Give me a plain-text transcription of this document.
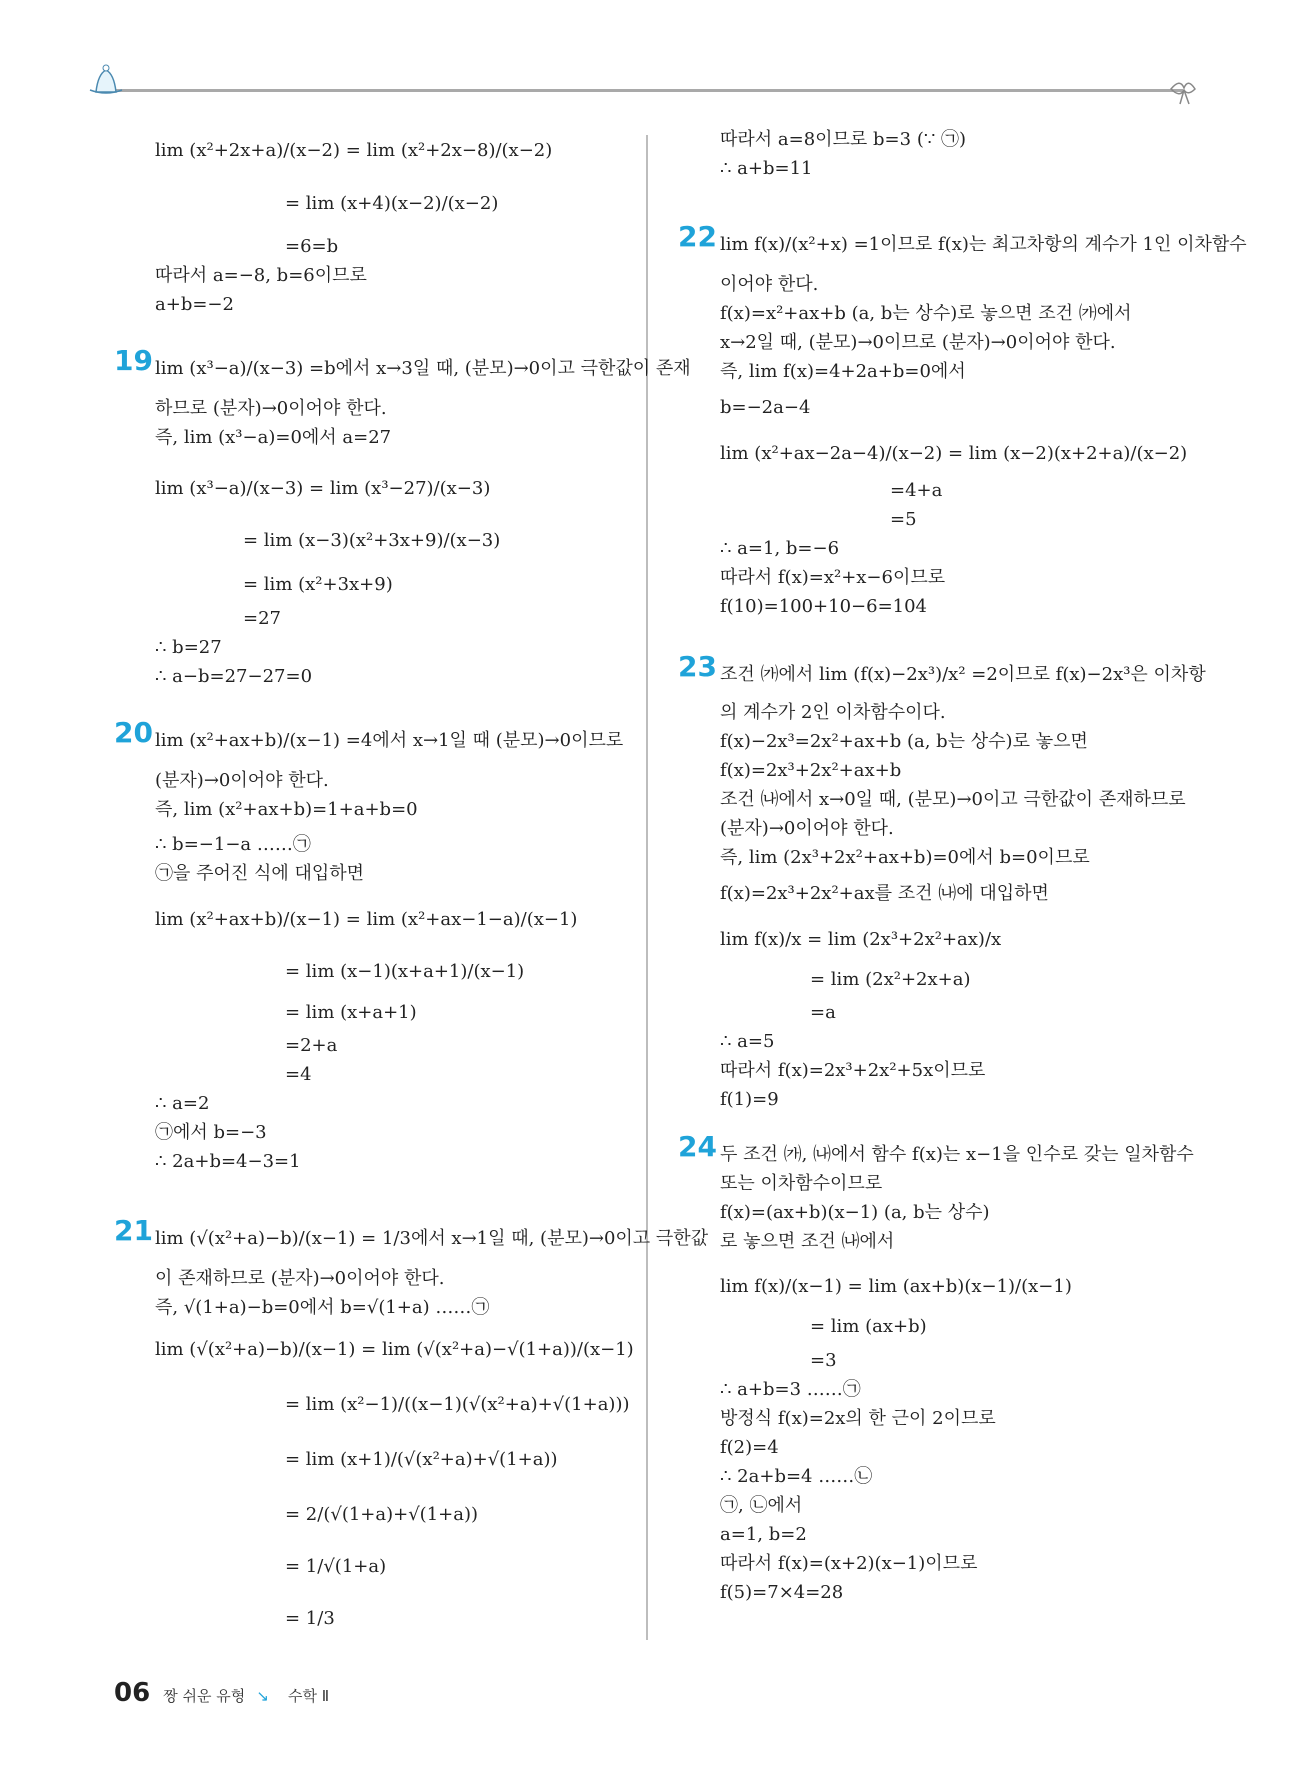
lim (x²+2x+a)/(x−2) = lim (x²+2x−8)/(x−2)
= lim (x+4)(x−2)/(x−2)
=6=b
따라서 a=−8, b=6이므로
a+b=−2
lim (x³−a)/(x−3) =b에서 x→3일 때, (분모)→0이고 극한값이 존재
하므로 (분자)→0이어야 한다.
즉, lim (x³−a)=0에서 a=27
lim (x³−a)/(x−3) = lim (x³−27)/(x−3)
= lim (x−3)(x²+3x+9)/(x−3)
= lim (x²+3x+9)
=27
∴ b=27
∴ a−b=27−27=0
lim (x²+ax+b)/(x−1) =4에서 x→1일 때 (분모)→0이므로
(분자)→0이어야 한다.
즉, lim (x²+ax+b)=1+a+b=0
∴ b=−1−a ……㉠
㉠을 주어진 식에 대입하면
lim (x²+ax+b)/(x−1) = lim (x²+ax−1−a)/(x−1)
= lim (x−1)(x+a+1)/(x−1)
= lim (x+a+1)
=2+a
=4
∴ a=2
㉠에서 b=−3
∴ 2a+b=4−3=1
lim (√(x²+a)−b)/(x−1) = 1/3에서 x→1일 때, (분모)→0이고 극한값
이 존재하므로 (분자)→0이어야 한다.
즉, √(1+a)−b=0에서 b=√(1+a) ……㉠
lim (√(x²+a)−b)/(x−1) = lim (√(x²+a)−√(1+a))/(x−1)
= lim (x²−1)/((x−1)(√(x²+a)+√(1+a)))
= lim (x+1)/(√(x²+a)+√(1+a))
= 2/(√(1+a)+√(1+a))
= 1/√(1+a)
= 1/3
따라서 a=8이므로 b=3 (∵ ㉠)
∴ a+b=11
lim f(x)/(x²+x) =1이므로 f(x)는 최고차항의 계수가 1인 이차함수
이어야 한다.
f(x)=x²+ax+b (a, b는 상수)로 놓으면 조건 ㈎에서
x→2일 때, (분모)→0이므로 (분자)→0이어야 한다.
즉, lim f(x)=4+2a+b=0에서
b=−2a−4
lim (x²+ax−2a−4)/(x−2) = lim (x−2)(x+2+a)/(x−2)
=4+a
=5
∴ a=1, b=−6
따라서 f(x)=x²+x−6이므로
f(10)=100+10−6=104
조건 ㈎에서 lim (f(x)−2x³)/x² =2이므로 f(x)−2x³은 이차항
의 계수가 2인 이차함수이다.
f(x)−2x³=2x²+ax+b (a, b는 상수)로 놓으면
f(x)=2x³+2x²+ax+b
조건 ㈏에서 x→0일 때, (분모)→0이고 극한값이 존재하므로
(분자)→0이어야 한다.
즉, lim (2x³+2x²+ax+b)=0에서 b=0이므로
f(x)=2x³+2x²+ax를 조건 ㈏에 대입하면
lim f(x)/x = lim (2x³+2x²+ax)/x
= lim (2x²+2x+a)
=a
∴ a=5
따라서 f(x)=2x³+2x²+5x이므로
f(1)=9
두 조건 ㈎, ㈏에서 함수 f(x)는 x−1을 인수로 갖는 일차함수
또는 이차함수이므로
f(x)=(ax+b)(x−1) (a, b는 상수)
로 놓으면 조건 ㈏에서
lim f(x)/(x−1) = lim (ax+b)(x−1)/(x−1)
= lim (ax+b)
=3
∴ a+b=3 ……㉠
방정식 f(x)=2x의 한 근이 2이므로
f(2)=4
∴ 2a+b=4 ……㉡
㉠, ㉡에서
a=1, b=2
따라서 f(x)=(x+2)(x−1)이므로
f(5)=7×4=28
19
20
21
22
23
24
06 짱 쉬운 유형 ↘ 수학 Ⅱ
